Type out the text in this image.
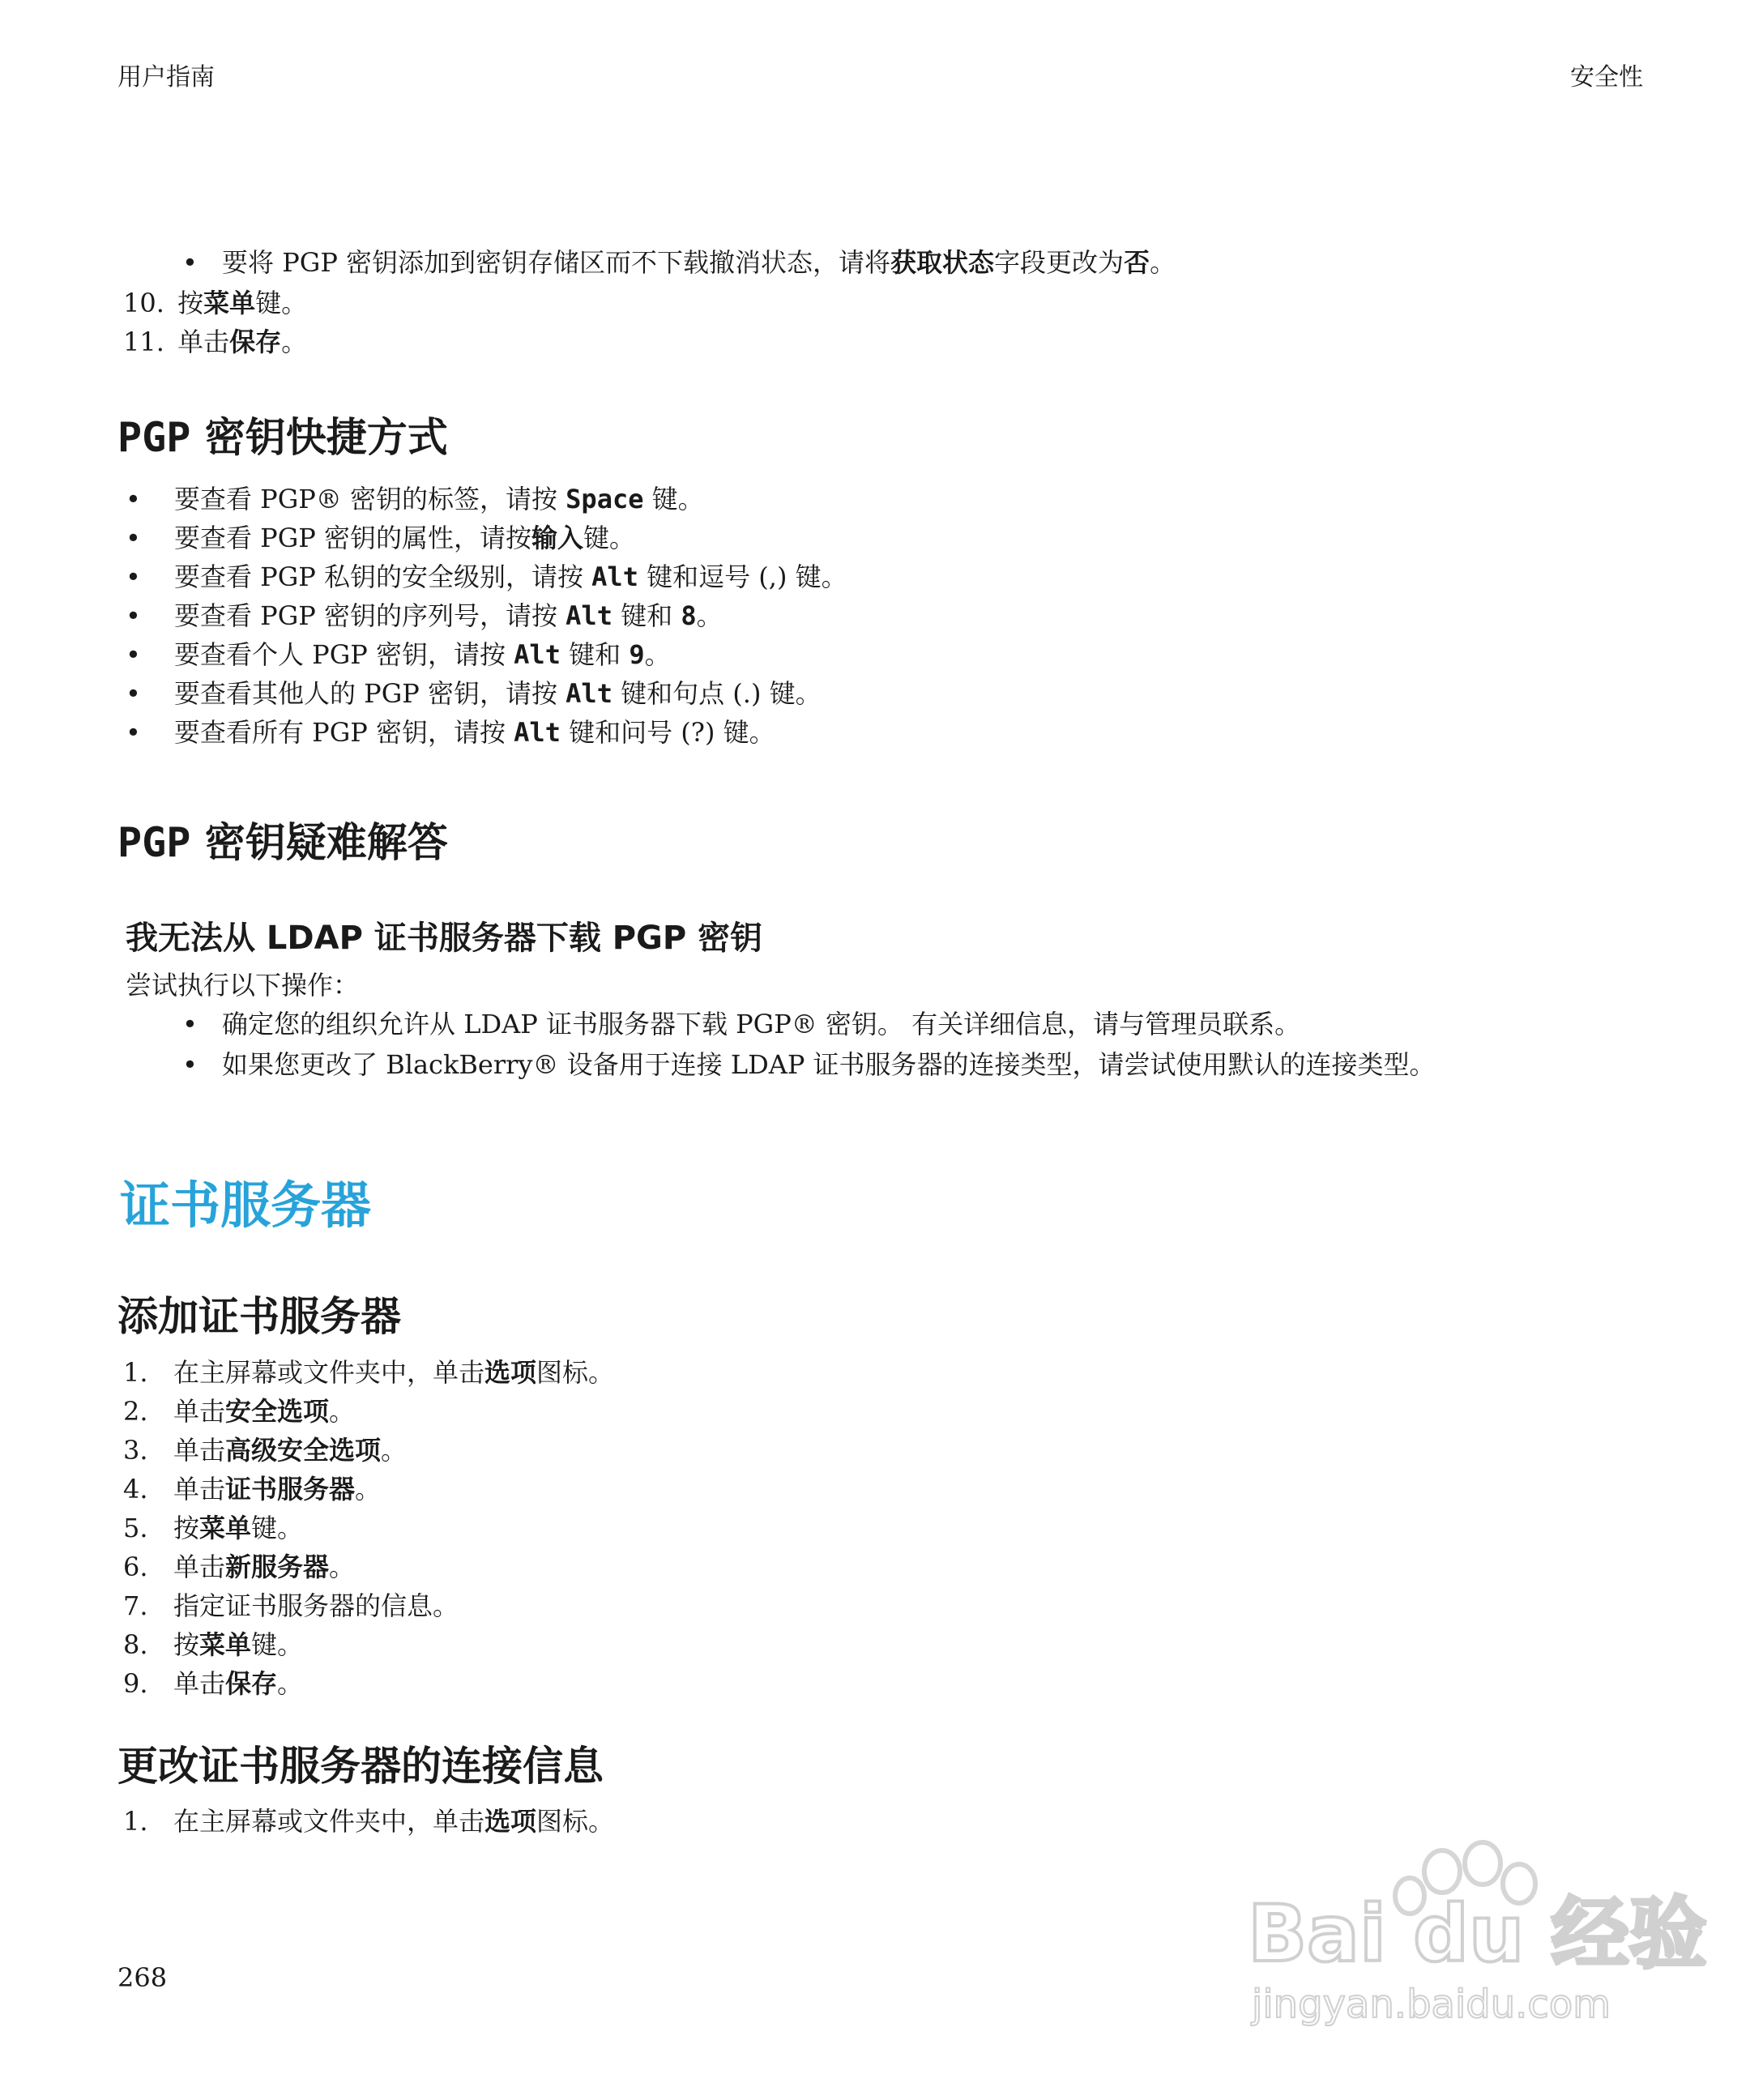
用户指南	安全性
• 要将 PGP 密钥添加到密钥存储区而不下载撤消状态，请将获取状态字段更改为否。
10. 按菜单键。
11. 单击保存。
PGP 密钥快捷方式
• 要查看 PGP® 密钥的标签，请按 Space 键。
• 要查看 PGP 密钥的属性，请按输入键。
• 要查看 PGP 私钥的安全级别，请按 Alt 键和逗号 (,) 键。
• 要查看 PGP 密钥的序列号，请按 Alt 键和 8。
• 要查看个人 PGP 密钥，请按 Alt 键和 9。
• 要查看其他人的 PGP 密钥，请按 Alt 键和句点 (.) 键。
• 要查看所有 PGP 密钥，请按 Alt 键和问号 (?) 键。
PGP 密钥疑难解答
我无法从 LDAP 证书服务器下载 PGP 密钥
尝试执行以下操作：
• 确定您的组织允许从 LDAP 证书服务器下载 PGP® 密钥。 有关详细信息，请与管理员联系。
• 如果您更改了 BlackBerry® 设备用于连接 LDAP 证书服务器的连接类型，请尝试使用默认的连接类型。
证书服务器
添加证书服务器
1. 在主屏幕或文件夹中，单击选项图标。
2. 单击安全选项。
3. 单击高级安全选项。
4. 单击证书服务器。
5. 按菜单键。
6. 单击新服务器。
7. 指定证书服务器的信息。
8. 按菜单键。
9. 单击保存。
更改证书服务器的连接信息
1. 在主屏幕或文件夹中，单击选项图标。
268	Bai du 经验
jingyan.baidu.com
